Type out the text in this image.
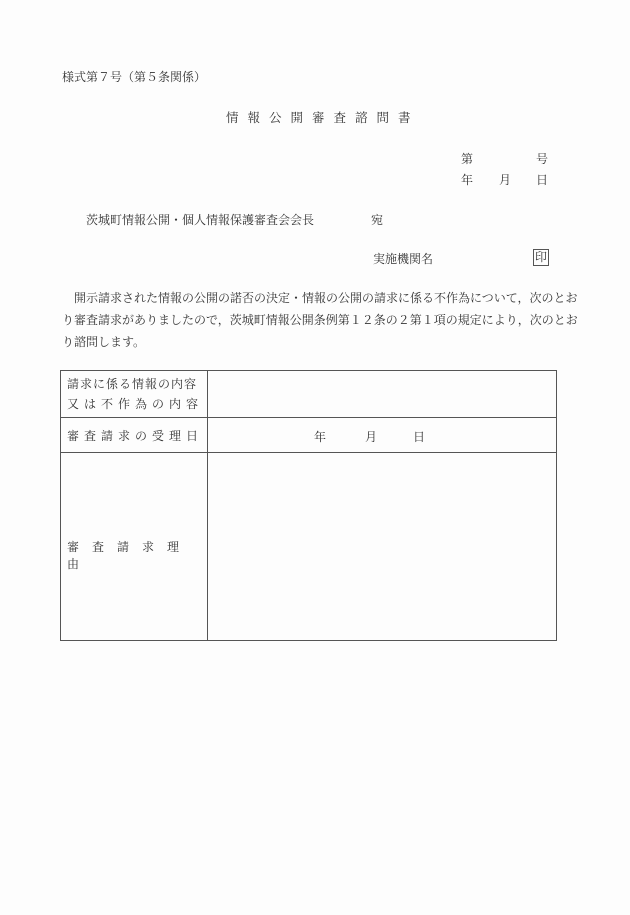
様式第７号（第５条関係）
情報公開審査諮問書
第	号
年 月 日
茨城町情報公開・個人情報保護審査会会長	宛
実施機関名	印

開示請求された情報の公開の諾否の決定・情報の公開の請求に係る不作為について，次のとおり審査請求がありましたので，茨城町情報公開条例第１２条の２第１項の規定により，次のとおり諮問します。

請求に係る情報の内容
又は不作為の内容	

審査請求の受理日	年 月 日

審査請求理由	
